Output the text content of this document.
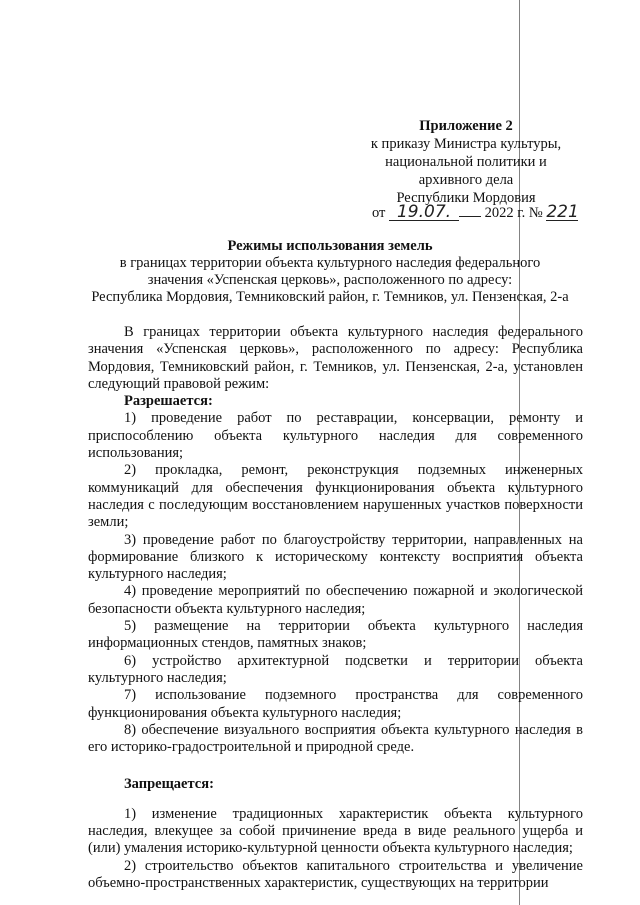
Приложение 2
к приказу Министра культуры,
национальной политики и
архивного дела
Республики Мордовия
от 19.07. 2022 г. № 221
Режимы использования земель
в границах территории объекта культурного наследия федерального
значения «Успенская церковь», расположенного по адресу:
Республика Мордовия, Темниковский район, г. Темников, ул. Пензенская, 2-а

В границах территории объекта культурного наследия федерального значения «Успенская церковь», расположенного по адресу: Республика Мордовия, Темниковский район, г. Темников, ул. Пензенская, 2-а, установлен следующий правовой режим:

Разрешается:

1) проведение работ по реставрации, консервации, ремонту и приспособлению объекта культурного наследия для современного использования;

2) прокладка, ремонт, реконструкция подземных инженерных коммуникаций для обеспечения функционирования объекта культурного наследия с последующим восстановлением нарушенных участков поверхности земли;

3) проведение работ по благоустройству территории, направленных на формирование близкого к историческому контексту восприятия объекта культурного наследия;

4) проведение мероприятий по обеспечению пожарной и экологической безопасности объекта культурного наследия;

5) размещение на территории объекта культурного наследия информационных стендов, памятных знаков;

6) устройство архитектурной подсветки и территории объекта культурного наследия;

7) использование подземного пространства для современного функционирования объекта культурного наследия;

8) обеспечение визуального восприятия объекта культурного наследия в его историко-градостроительной и природной среде.

Запрещается:

1) изменение традиционных характеристик объекта культурного наследия, влекущее за собой причинение вреда в виде реального ущерба и (или) умаления историко-культурной ценности объекта культурного наследия;

2) строительство объектов капитального строительства и увеличение объемно-пространственных характеристик, существующих на территории
